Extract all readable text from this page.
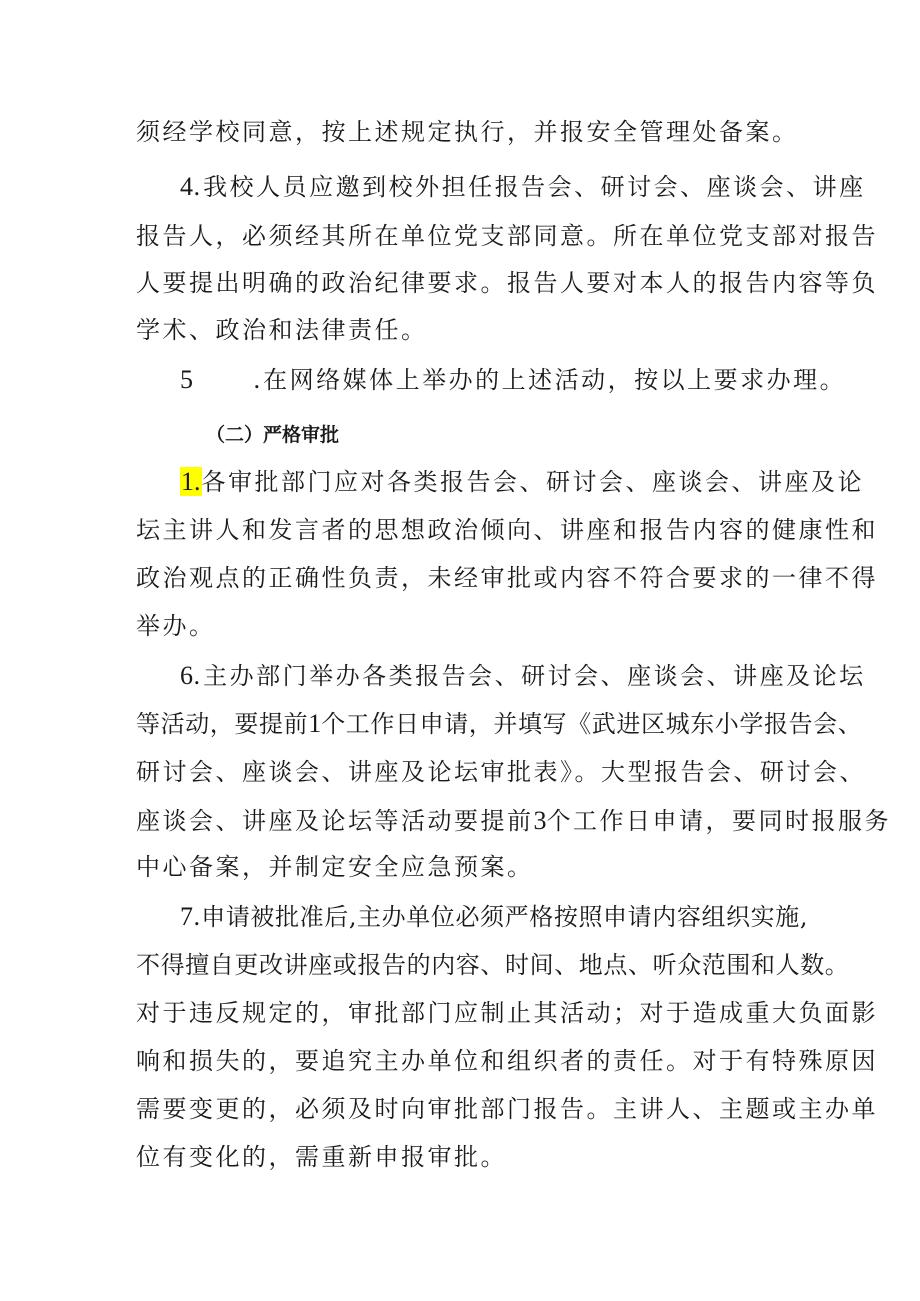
须经学校同意，按上述规定执行，并报安全管理处备案。
4.我校人员应邀到校外担任报告会、研讨会、座谈会、讲座
报告人，必须经其所在单位党支部同意。所在单位党支部对报告
人要提出明确的政治纪律要求。报告人要对本人的报告内容等负
学术、政治和法律责任。
5	.在网络媒体上举办的上述活动，按以上要求办理。
（二）严格审批
1.各审批部门应对各类报告会、研讨会、座谈会、讲座及论
坛主讲人和发言者的思想政治倾向、讲座和报告内容的健康性和
政治观点的正确性负责，未经审批或内容不符合要求的一律不得
举办。
6.主办部门举办各类报告会、研讨会、座谈会、讲座及论坛
等活动，要提前1个工作日申请，并填写《武进区城东小学报告会、
研讨会、座谈会、讲座及论坛审批表》。大型报告会、研讨会、
座谈会、讲座及论坛等活动要提前3个工作日申请，要同时报服务
中心备案，并制定安全应急预案。
7.申请被批准后,主办单位必须严格按照申请内容组织实施,
不得擅自更改讲座或报告的内容、时间、地点、听众范围和人数。
对于违反规定的，审批部门应制止其活动；对于造成重大负面影
响和损失的，要追究主办单位和组织者的责任。对于有特殊原因
需要变更的，必须及时向审批部门报告。主讲人、主题或主办单
位有变化的，需重新申报审批。
